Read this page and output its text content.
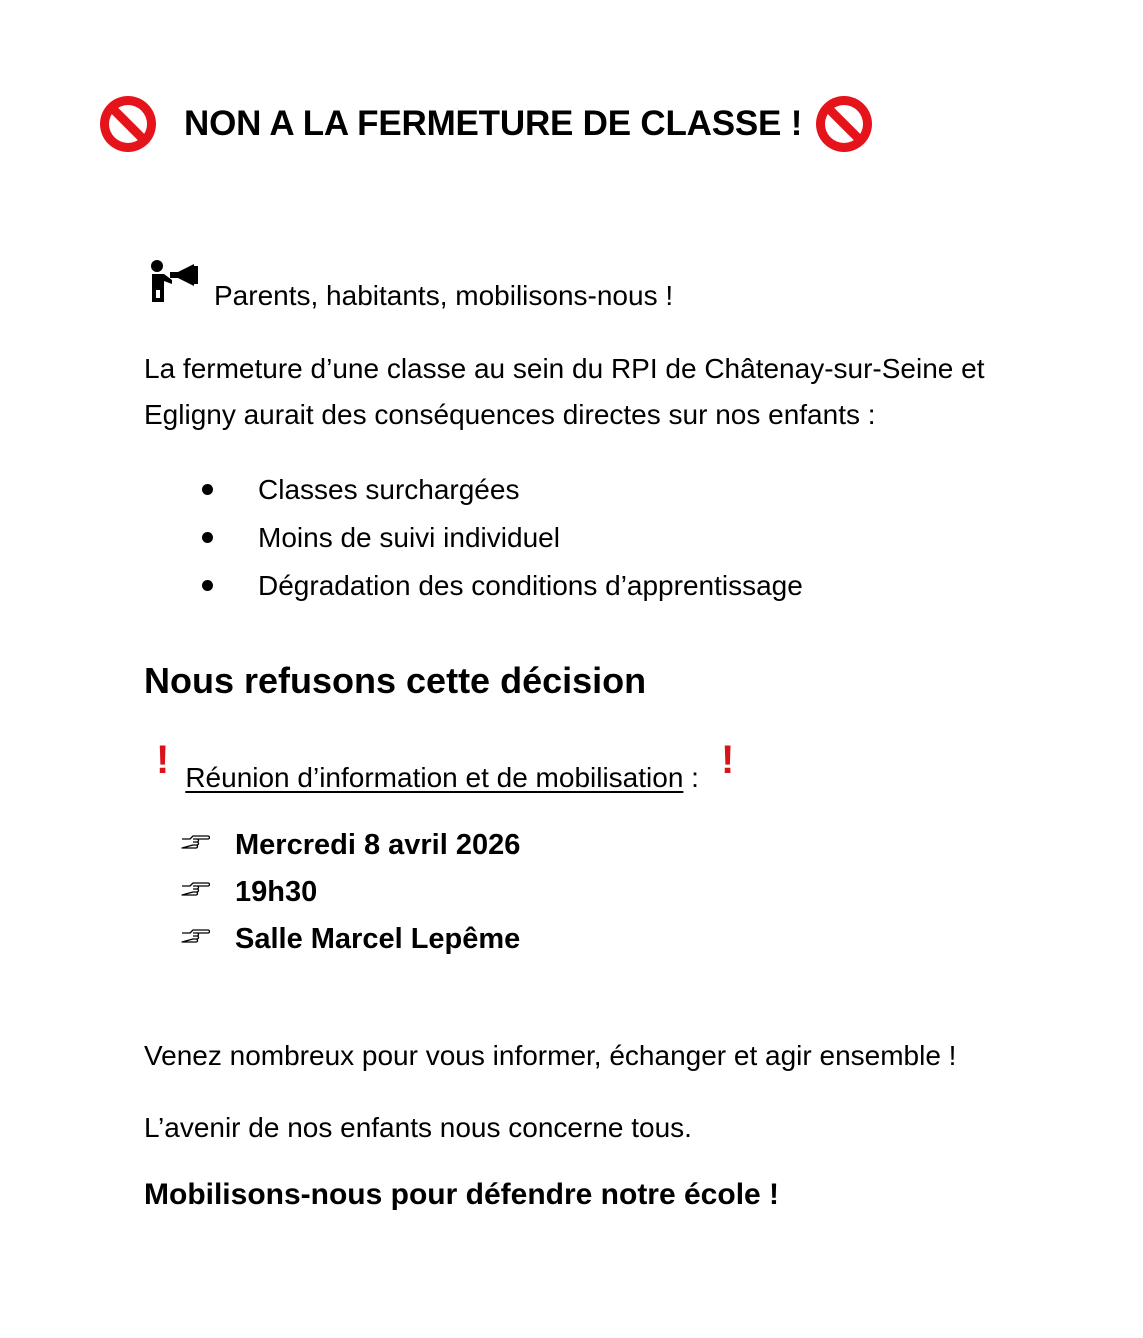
NON A LA FERMETURE DE CLASSE !
Parents, habitants, mobilisons-nous !
La fermeture d’une classe au sein du RPI de Châtenay-sur-Seine et
Egligny aurait des conséquences directes sur nos enfants :
Classes surchargées
Moins de suivi individuel
Dégradation des conditions d’apprentissage
Nous refusons cette décision
! Réunion d’information et de mobilisation : !
Mercredi 8 avril 2026
19h30
Salle Marcel Lepême
Venez nombreux pour vous informer, échanger et agir ensemble !
L’avenir de nos enfants nous concerne tous.
Mobilisons-nous pour défendre notre école !
